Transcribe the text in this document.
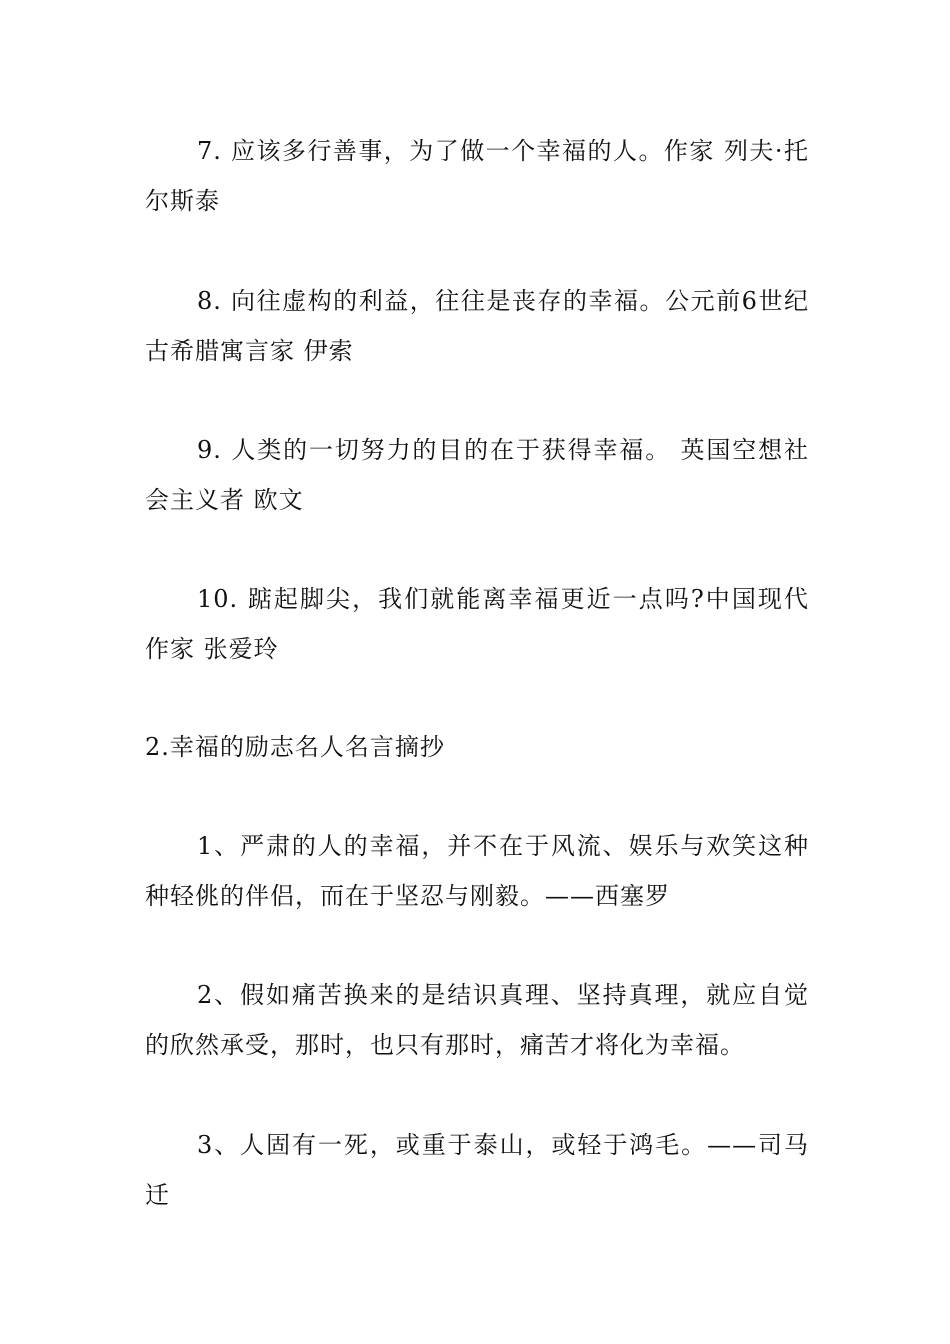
7. 应该多行善事，为了做一个幸福的人。作家 列夫·托尔斯泰

8. 向往虚构的利益，往往是丧存的幸福。公元前6世纪古希腊寓言家 伊索

9. 人类的一切努力的目的在于获得幸福。 英国空想社会主义者 欧文

10. 踮起脚尖，我们就能离幸福更近一点吗?中国现代作家 张爱玲

2.幸福的励志名人名言摘抄

1、严肃的人的幸福，并不在于风流、娱乐与欢笑这种种轻佻的伴侣，而在于坚忍与刚毅。——西塞罗

2、假如痛苦换来的是结识真理、坚持真理，就应自觉的欣然承受，那时，也只有那时，痛苦才将化为幸福。

3、人固有一死，或重于泰山，或轻于鸿毛。——司马迁
